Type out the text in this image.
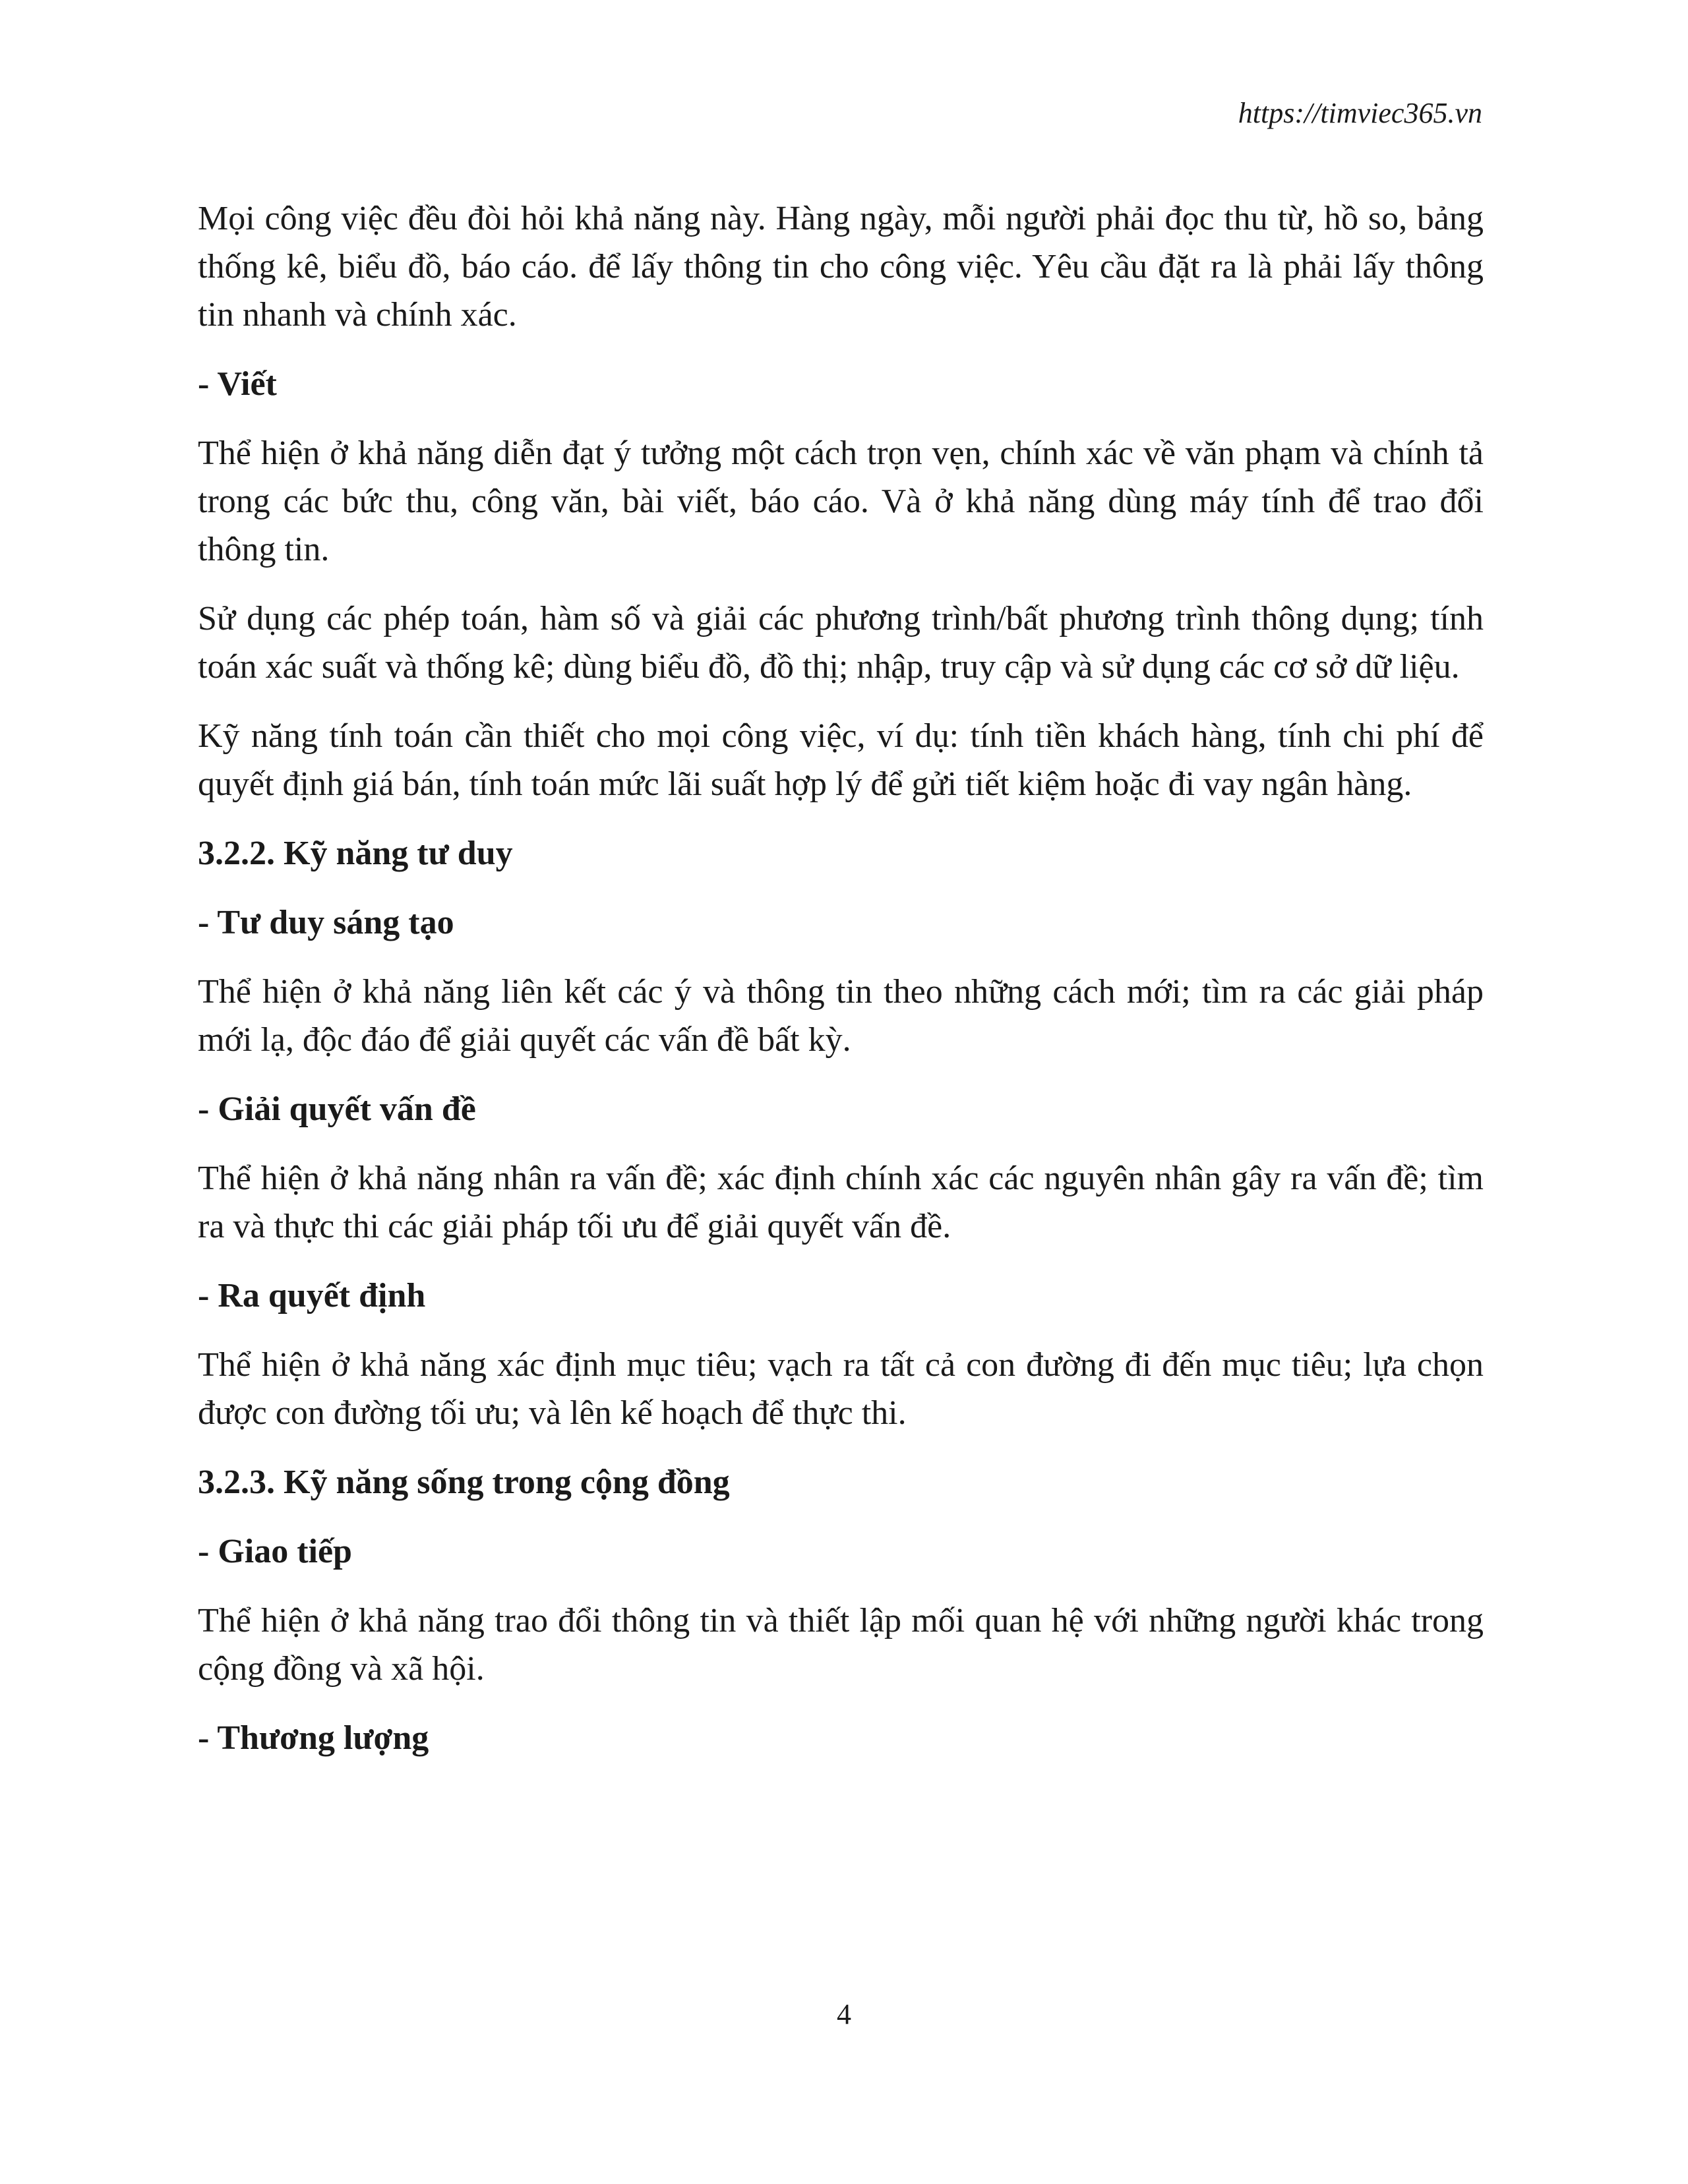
https://timviec365.vn

Mọi công việc đều đòi hỏi khả năng này. Hàng ngày, mỗi người phải đọc thu từ, hồ so, bảng thống kê, biểu đồ, báo cáo. để lấy thông tin cho công việc. Yêu cầu đặt ra là phải lấy thông tin nhanh và chính xác.

- Viết

Thể hiện ở khả năng diễn đạt ý tưởng một cách trọn vẹn, chính xác về văn phạm và chính tả trong các bức thu, công văn, bài viết, báo cáo. Và ở khả năng dùng máy tính để trao đổi thông tin.

Sử dụng các phép toán, hàm số và giải các phương trình/bất phương trình thông dụng; tính toán xác suất và thống kê; dùng biểu đồ, đồ thị; nhập, truy cập và sử dụng các cơ sở dữ liệu.

Kỹ năng tính toán cần thiết cho mọi công việc, ví dụ: tính tiền khách hàng, tính chi phí để quyết định giá bán, tính toán mức lãi suất hợp lý để gửi tiết kiệm hoặc đi vay ngân hàng.

3.2.2. Kỹ năng tư duy

- Tư duy sáng tạo

Thể hiện ở khả năng liên kết các ý và thông tin theo những cách mới; tìm ra các giải pháp mới lạ, độc đáo để giải quyết các vấn đề bất kỳ.

- Giải quyết vấn đề

Thể hiện ở khả năng nhân ra vấn đề; xác định chính xác các nguyên nhân gây ra vấn đề; tìm ra và thực thi các giải pháp tối ưu để giải quyết vấn đề.

- Ra quyết định

Thể hiện ở khả năng xác định mục tiêu; vạch ra tất cả con đường đi đến mục tiêu; lựa chọn được con đường tối ưu; và lên kế hoạch để thực thi.

3.2.3. Kỹ năng sống trong cộng đồng

- Giao tiếp

Thể hiện ở khả năng trao đổi thông tin và thiết lập mối quan hệ với những người khác trong cộng đồng và xã hội.

- Thương lượng

4
